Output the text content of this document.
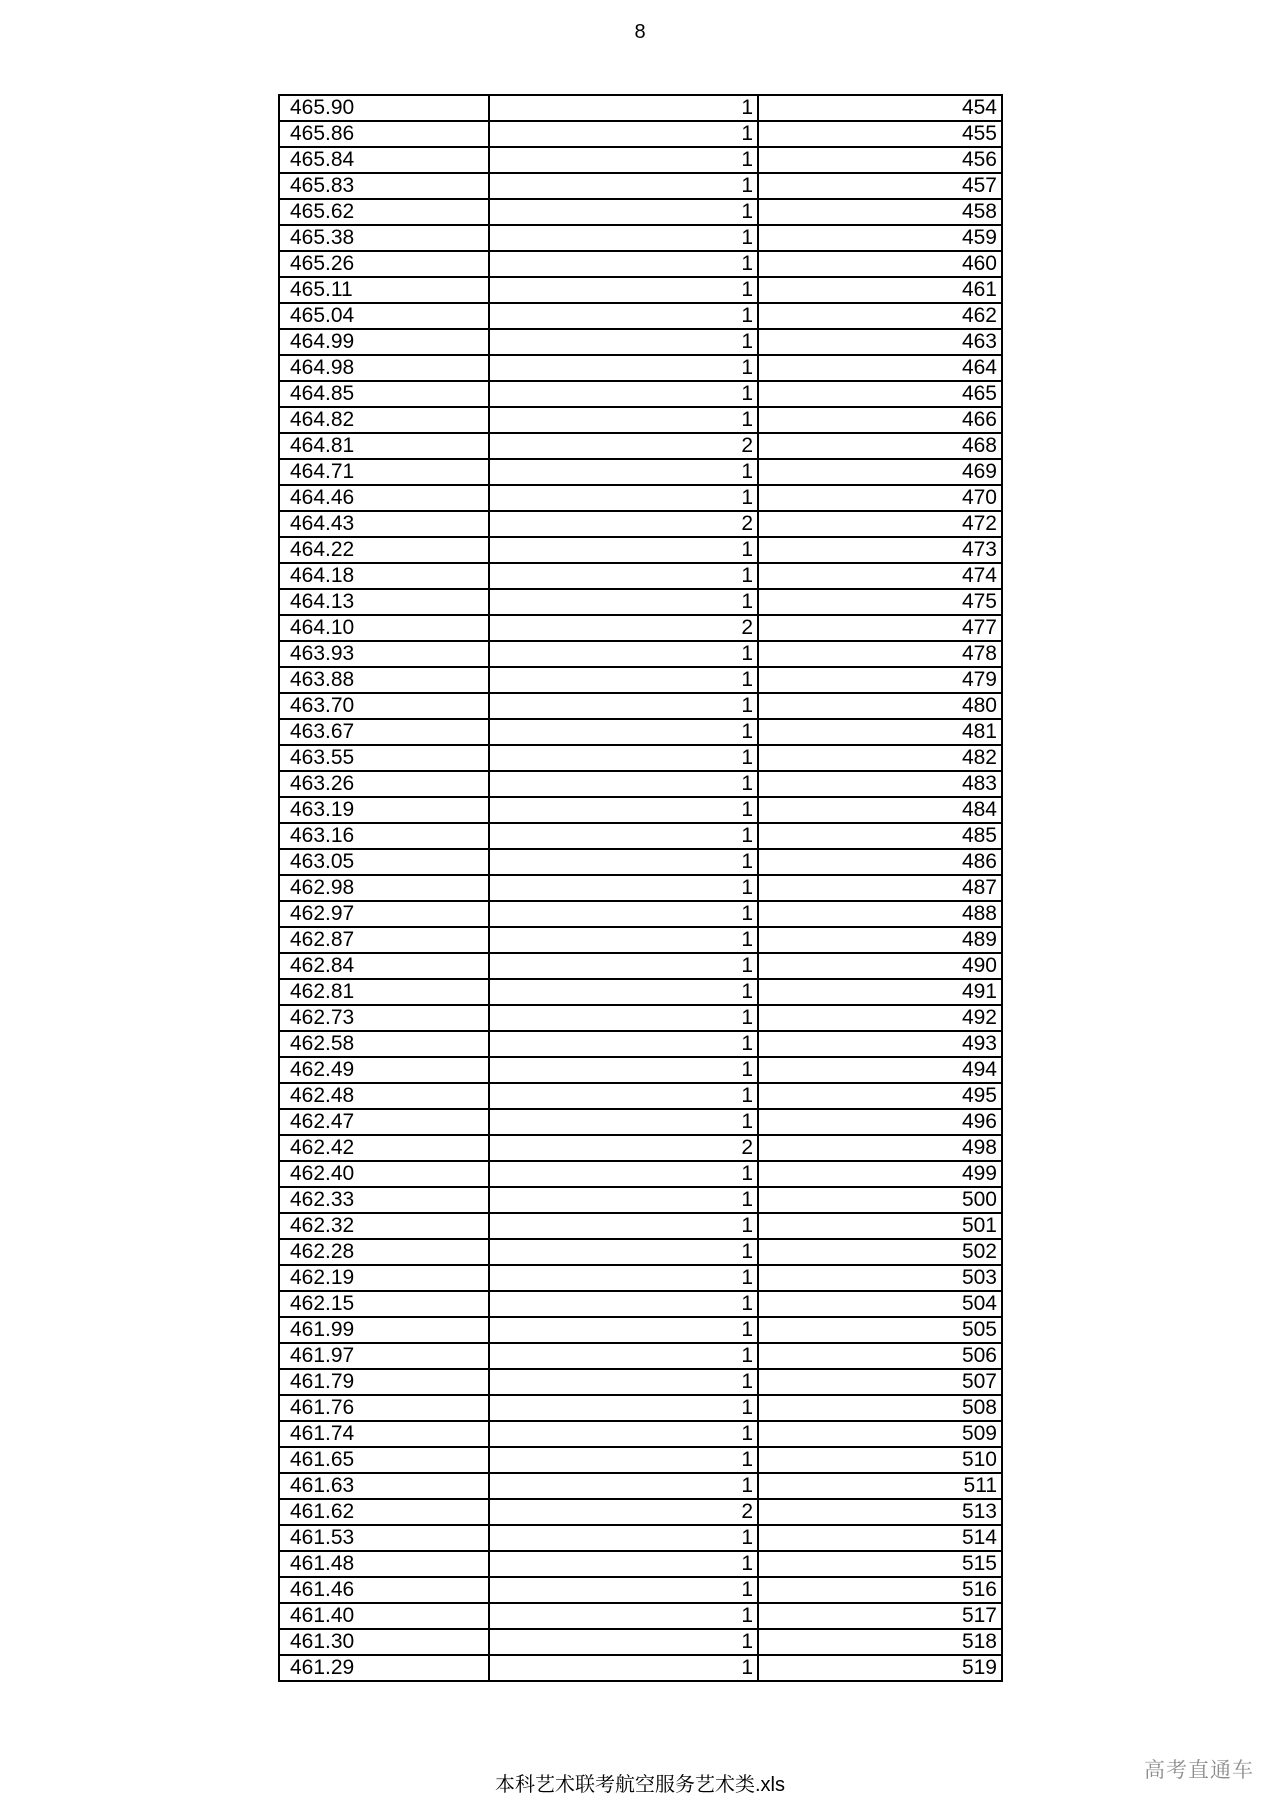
8
465.90	1	454
465.86	1	455
465.84	1	456
465.83	1	457
465.62	1	458
465.38	1	459
465.26	1	460
465.11	1	461
465.04	1	462
464.99	1	463
464.98	1	464
464.85	1	465
464.82	1	466
464.81	2	468
464.71	1	469
464.46	1	470
464.43	2	472
464.22	1	473
464.18	1	474
464.13	1	475
464.10	2	477
463.93	1	478
463.88	1	479
463.70	1	480
463.67	1	481
463.55	1	482
463.26	1	483
463.19	1	484
463.16	1	485
463.05	1	486
462.98	1	487
462.97	1	488
462.87	1	489
462.84	1	490
462.81	1	491
462.73	1	492
462.58	1	493
462.49	1	494
462.48	1	495
462.47	1	496
462.42	2	498
462.40	1	499
462.33	1	500
462.32	1	501
462.28	1	502
462.19	1	503
462.15	1	504
461.99	1	505
461.97	1	506
461.79	1	507
461.76	1	508
461.74	1	509
461.65	1	510
461.63	1	511
461.62	2	513
461.53	1	514
461.48	1	515
461.46	1	516
461.40	1	517
461.30	1	518
461.29	1	519
本科艺术联考航空服务艺术类.xls
高考直通车
